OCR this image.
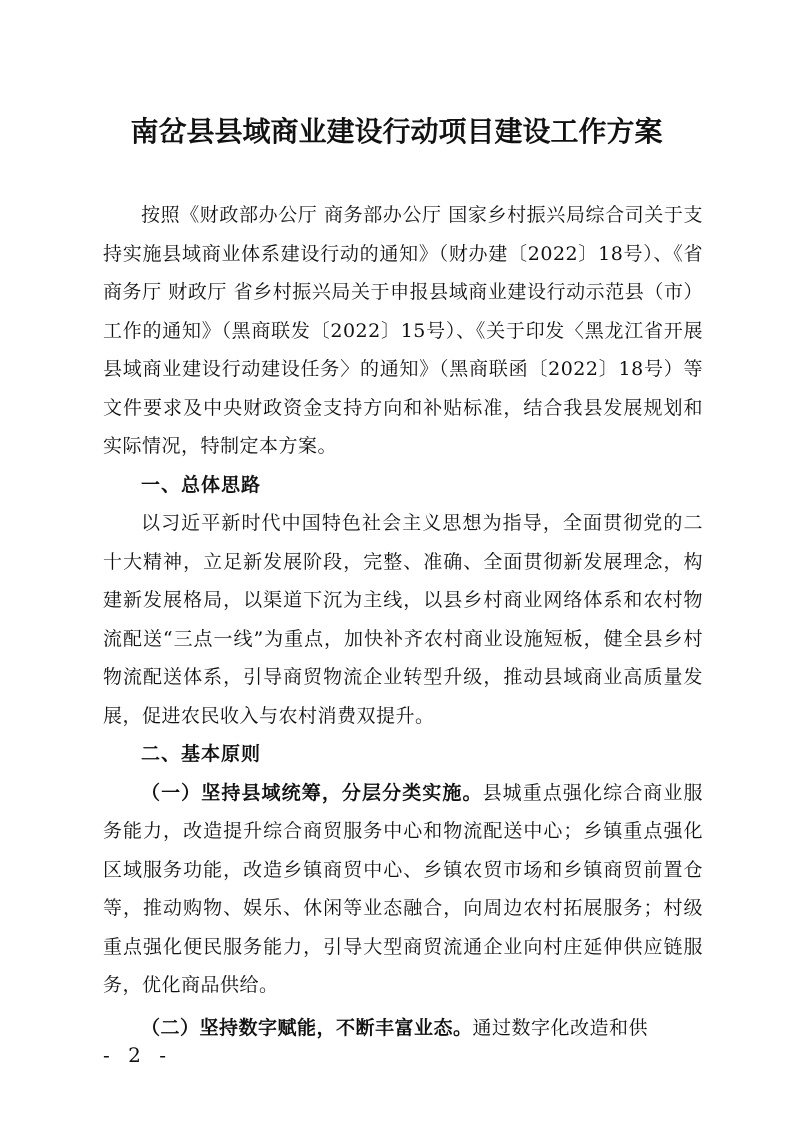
南岔县县域商业建设行动项目建设工作方案

按照《财政部办公厅 商务部办公厅 国家乡村振兴局综合司关于支持实施县域商业体系建设行动的通知》（财办建〔2022〕18号）、《省商务厅 财政厅 省乡村振兴局关于申报县域商业建设行动示范县（市）工作的通知》（黑商联发〔2022〕15号）、《关于印发〈黑龙江省开展县域商业建设行动建设任务〉的通知》（黑商联函〔2022〕18号）等文件要求及中央财政资金支持方向和补贴标准，结合我县发展规划和实际情况，特制定本方案。

一、总体思路

以习近平新时代中国特色社会主义思想为指导，全面贯彻党的二十大精神，立足新发展阶段，完整、准确、全面贯彻新发展理念，构建新发展格局，以渠道下沉为主线，以县乡村商业网络体系和农村物流配送“三点一线”为重点，加快补齐农村商业设施短板，健全县乡村物流配送体系，引导商贸物流企业转型升级，推动县域商业高质量发展，促进农民收入与农村消费双提升。

二、基本原则

（一）坚持县域统筹，分层分类实施。县城重点强化综合商业服务能力，改造提升综合商贸服务中心和物流配送中心；乡镇重点强化区域服务功能，改造乡镇商贸中心、乡镇农贸市场和乡镇商贸前置仓等，推动购物、娱乐、休闲等业态融合，向周边农村拓展服务；村级重点强化便民服务能力，引导大型商贸流通企业向村庄延伸供应链服务，优化商品供给。

（二）坚持数字赋能，不断丰富业态。通过数字化改造和供

- 2 -
